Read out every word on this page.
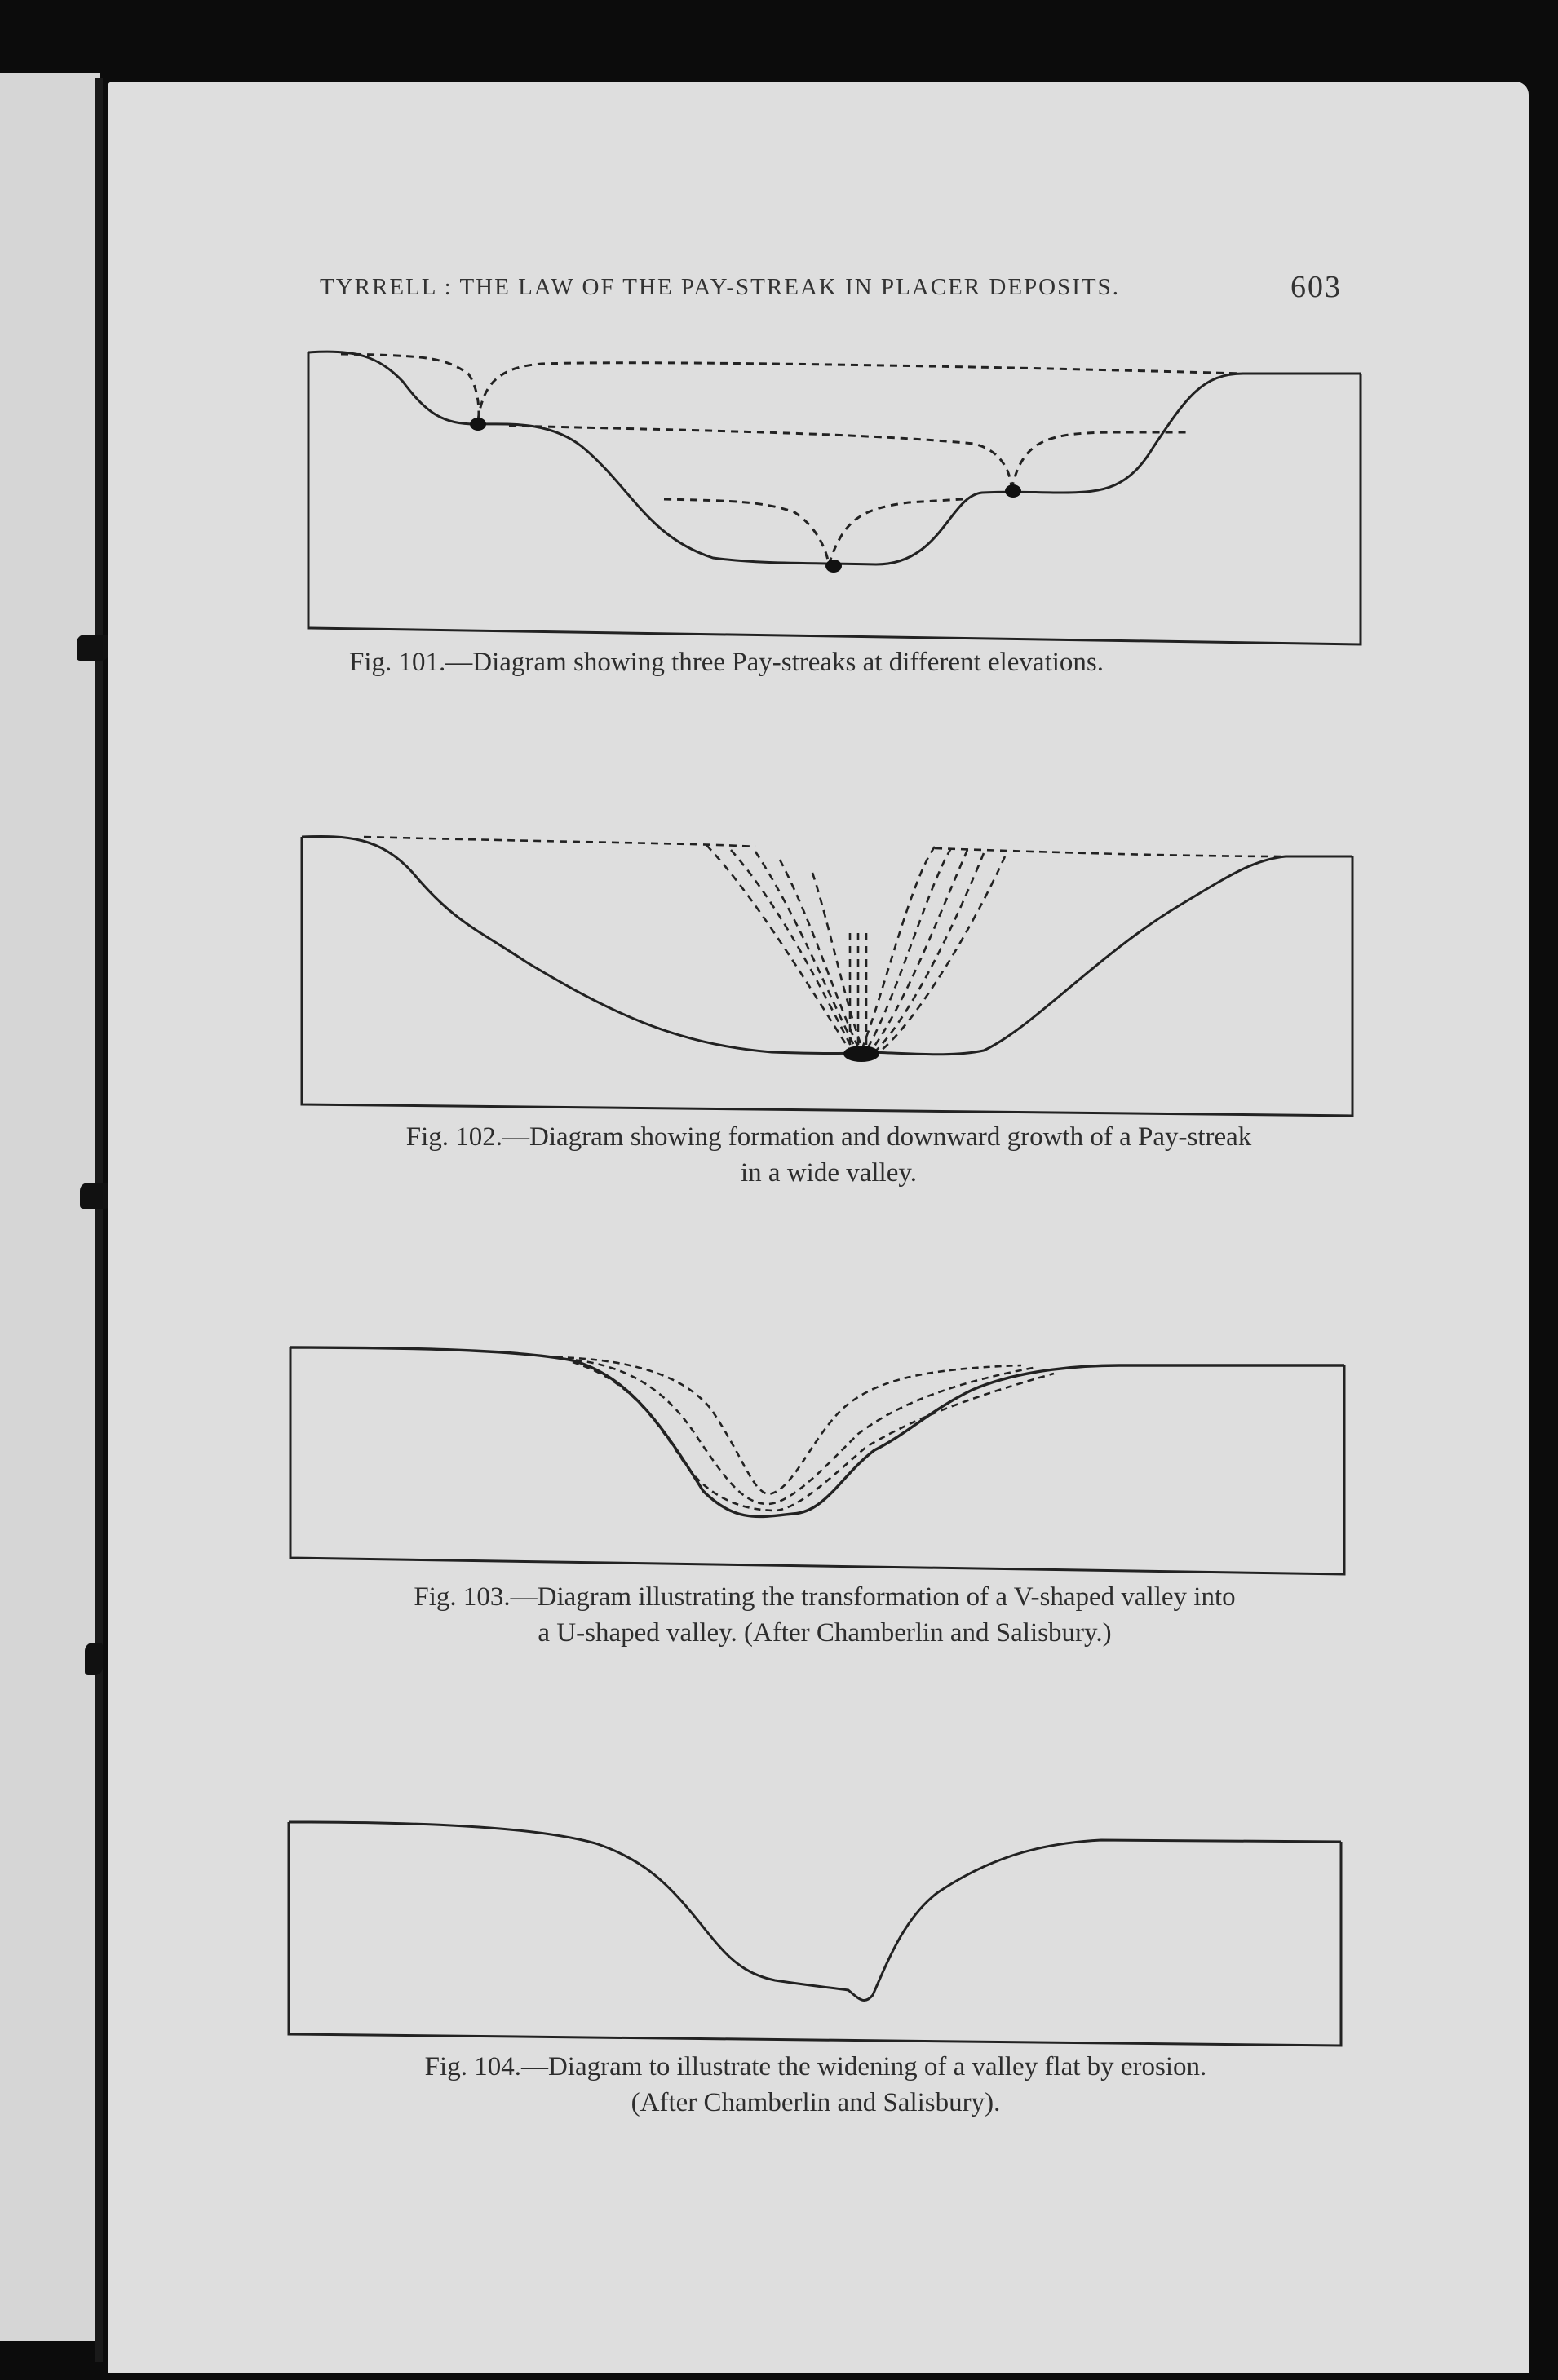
TYRRELL : THE LAW OF THE PAY-STREAK IN PLACER DEPOSITS.	603
Fig. 101.—Diagram showing three Pay-streaks at different elevations.
Fig. 102.—Diagram showing formation and downward growth of a Pay-streak
in a wide valley.
Fig. 103.—Diagram illustrating the transformation of a V-shaped valley into
a U-shaped valley. (After Chamberlin and Salisbury.)
Fig. 104.—Diagram to illustrate the widening of a valley flat by erosion.
(After Chamberlin and Salisbury).
